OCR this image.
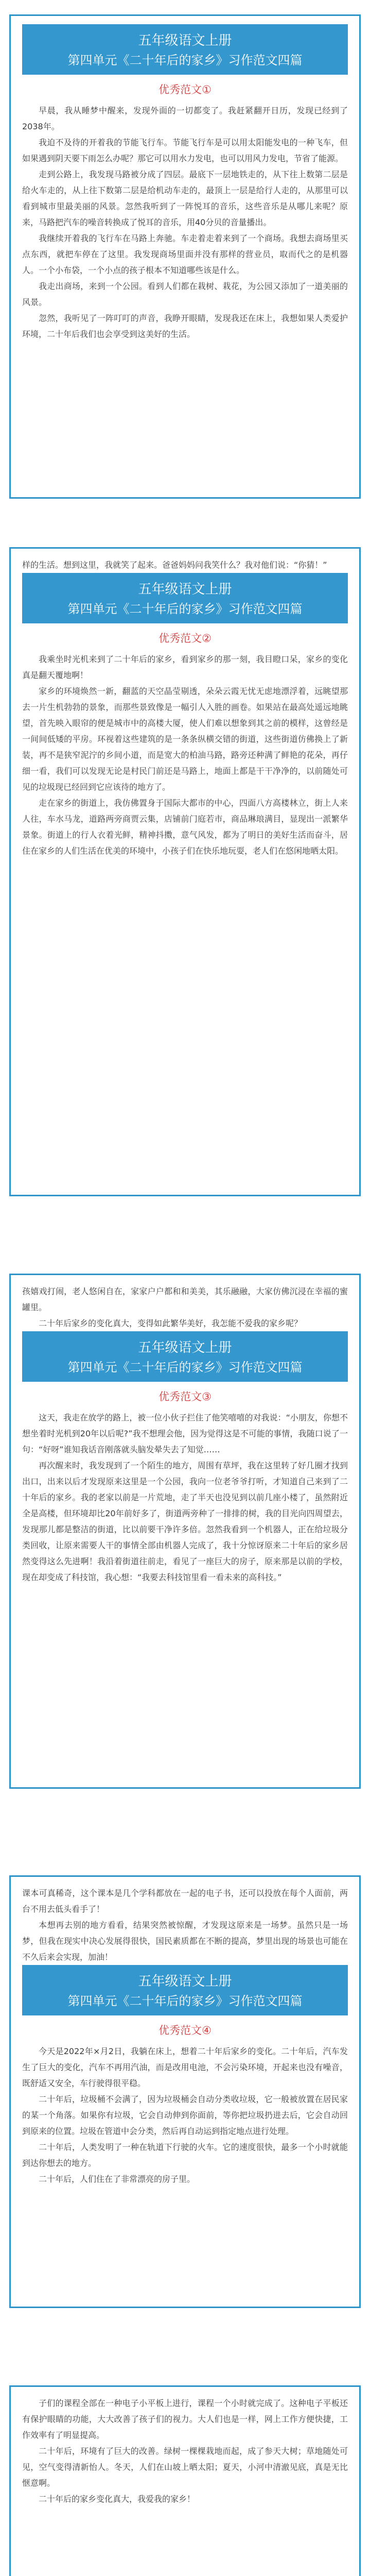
五年级语文上册
第四单元《二十年后的家乡》习作范文四篇
优秀范文①

早晨，我从睡梦中醒来，发现外面的一切都变了。我赶紧翻开日历，发现已经到了2038年。

我迫不及待的开着我的节能飞行车。节能飞行车是可以用太阳能发电的一种飞车，但如果遇到阴天要下雨怎么办呢？那它可以用水力发电，也可以用风力发电，节省了能源。

走到公路上，我发现马路被分成了四层。最底下一层地铁走的，从下往上数第二层是给火车走的，从上往下数第二层是给机动车走的，最顶上一层是给行人走的，从那里可以看到城市里最美丽的风景。忽然我听到了一阵悦耳的音乐，这些音乐是从哪儿来呢？原来，马路把汽车的噪音转换成了悦耳的音乐，用40分贝的音量播出。

我继续开着我的飞行车在马路上奔驰。车走着走着来到了一个商场。我想去商场里买点东西，就把车停在了这里。我发现商场里面并没有那样的营业员，取而代之的是机器人。一个小布袋，一个小点的孩子根本不知道哪些该是什么。

我走出商场，来到一个公园。看到人们都在栽树、栽花，为公园又添加了一道美丽的风景。

忽然，我听见了一阵叮叮的声音，我睁开眼睛，发现我还在床上，我想如果人类爱护环境，二十年后我们也会享受到这美好的生活。

样的生活。想到这里，我就笑了起来。爸爸妈妈问我笑什么？我对他们说：“你猜！”

五年级语文上册
第四单元《二十年后的家乡》习作范文四篇
优秀范文②

我乘坐时光机来到了二十年后的家乡，看到家乡的那一刻，我目瞪口呆，家乡的变化真是翻天覆地啊！

家乡的环境焕然一新，翻蓝的天空晶莹剔透，朵朵云霞无忧无虑地漂浮着，远眺望那去一片生机勃勃的景象，而那些景致像是一幅引人入胜的画卷。如果站在最高处遥远地眺望，首先映入眼帘的便是城市中的高楼大厦，使人们难以想象到其之前的模样，这曾经是一间间低矮的平房。环视着这些建筑的是一条条纵横交错的街道，这些街道仿佛换上了新装，再不是狭窄泥泞的乡间小道，而是宽大的柏油马路，路旁还种满了鲜艳的花朵，再仔细一看，我们可以发现无论是村民门前还是马路上，地面上都是干干净净的，以前随处可见的垃圾现已经回到它应该待的地方了。

走在家乡的街道上，我仿佛置身于国际大都市的中心，四面八方高楼林立，街上人来人往，车水马龙，道路两旁商贾云集，店铺前门庭若市，商品琳琅满目，显现出一派繁华景象。街道上的行人衣着光鲜，精神抖擞，意气风发，都为了明日的美好生活而奋斗，居住在家乡的人们生活在优美的环境中，小孩子们在快乐地玩耍，老人们在悠闲地晒太阳。

孩嬉戏打闹，老人悠闲自在，家家户户都和和美美，其乐融融，大家仿佛沉浸在幸福的蜜罐里。

二十年后家乡的变化真大，变得如此繁华美好，我怎能不爱我的家乡呢？

五年级语文上册
第四单元《二十年后的家乡》习作范文四篇
优秀范文③

这天，我走在放学的路上，被一位小伙子拦住了他笑嘻嘻的对我说：“小朋友，你想不想坐着时光机到20年以后呢?”我不想理会他，因为觉得这是不可能的事情，我随口说了一句：“好呀”谁知我话音刚落就头脑发晕失去了知觉……

再次醒来时，我发现到了一个陌生的地方，周围有草坪，我在这里转了好几圈才找到出口，出来以后才发现原来这里是一个公园，我向一位老爷爷打听，才知道自己来到了二十年后的家乡。我的老家以前是一片荒地，走了半天也没见到以前几座小楼了，虽然附近全是高楼，但环境却比20年前好多了，街道两旁种了一排排的树，我的目光向四周望去，发现那儿都是整洁的街道，比以前要干净许多倍。忽然我看到一个机器人，正在给垃圾分类回收，让原来需要人干的事情全部由机器人完成了，我十分惊讶原来二十年后的家乡居然变得这么先进啊！我沿着街道往前走，看见了一座巨大的房子，原来那是以前的学校，现在却变成了科技馆，我心想：“我要去科技馆里看一看未来的高科技。”

课本可真稀奇，这个课本是几个学科都放在一起的电子书，还可以投放在每个人面前，两台不用去低头看手了！

本想再去别的地方看看，结果突然被惊醒，才发现这原来是一场梦。虽然只是一场梦，但我在现实中决心发展得很快，国民素质都在不断的提高，梦里出现的场景也可能在不久后来会实现，加油！

五年级语文上册
第四单元《二十年后的家乡》习作范文四篇
优秀范文④

今天是2022年×月2日，我躺在床上，想着二十年后家乡的变化。二十年后，汽车发生了巨大的变化，汽车不再用汽油，而是改用电池，不会污染环境，开起来也没有噪音，既舒适又安全，车行驶得很平稳。

二十年后，垃圾桶不会满了，因为垃圾桶会自动分类收垃圾，它一般被放置在居民家的某一个角落。如果你有垃圾，它会自动伸到你面前，等你把垃圾扔进去后，它会自动回到原来的位置。垃圾在管道中会分类，然后再自动运到指定地点进行处理。

二十年后，人类发明了一种在轨道下行驶的火车。它的速度很快，最多一个小时就能到达你想去的地方。

二十年后，人们住在了非常漂亮的房子里。

子们的课程全部在一种电子小平板上进行，课程一个小时就完成了。这种电子平板还有保护眼睛的功能，大大改善了孩子们的视力。大人们也是一样，网上工作方便快捷，工作效率有了明显提高。

二十年后，环境有了巨大的改善。绿树一棵棵栽地而起，成了参天大树；草地随处可见，空气变得清新怡人。冬天，人们在山坡上晒太阳；夏天，小河中清澈见底，真是无比惬意啊。

二十年后的家乡变化真大，我爱我的家乡！
